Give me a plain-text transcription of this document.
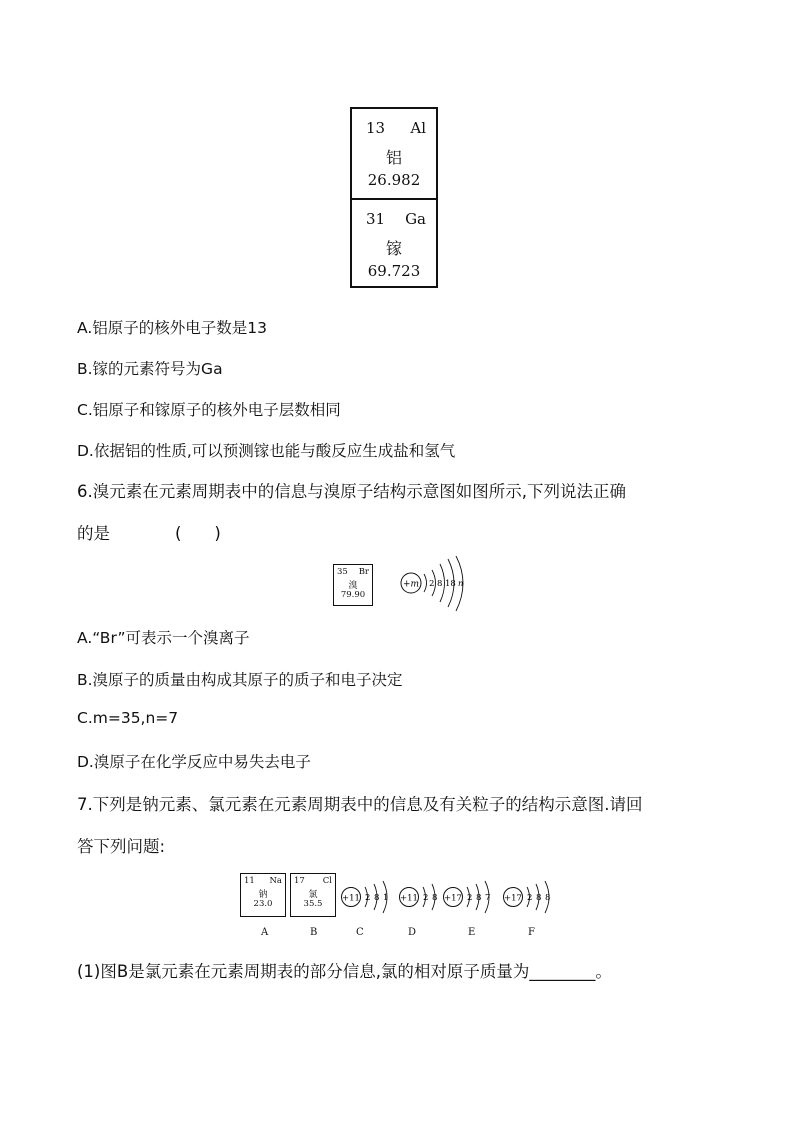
13 Al
铝
26.982
31 Ga
镓
69.723
A.铝原子的核外电子数是13
B.镓的元素符号为Ga
C.铝原子和镓原子的核外电子层数相同
D.依据铝的性质,可以预测镓也能与酸反应生成盐和氢气
6.溴元素在元素周期表中的信息与溴原子结构示意图如图所示,下列说法正确
的是	(　　)
35 Br
溴
79.90
+m 2 8 18 n
A.“Br”可表示一个溴离子
B.溴原子的质量由构成其原子的质子和电子决定
C.m=35,n=7
D.溴原子在化学反应中易失去电子
7.下列是钠元素、氯元素在元素周期表中的信息及有关粒子的结构示意图.请回
答下列问题:
11 Na
钠
23.0
17 Cl
氯
35.5
+11 2 8 1 +11 2 8 +17 2 8 7 +17 2 8 8
A	B	C	D	E	F
(1)图B是氯元素在元素周期表的部分信息,氯的相对原子质量为________。
